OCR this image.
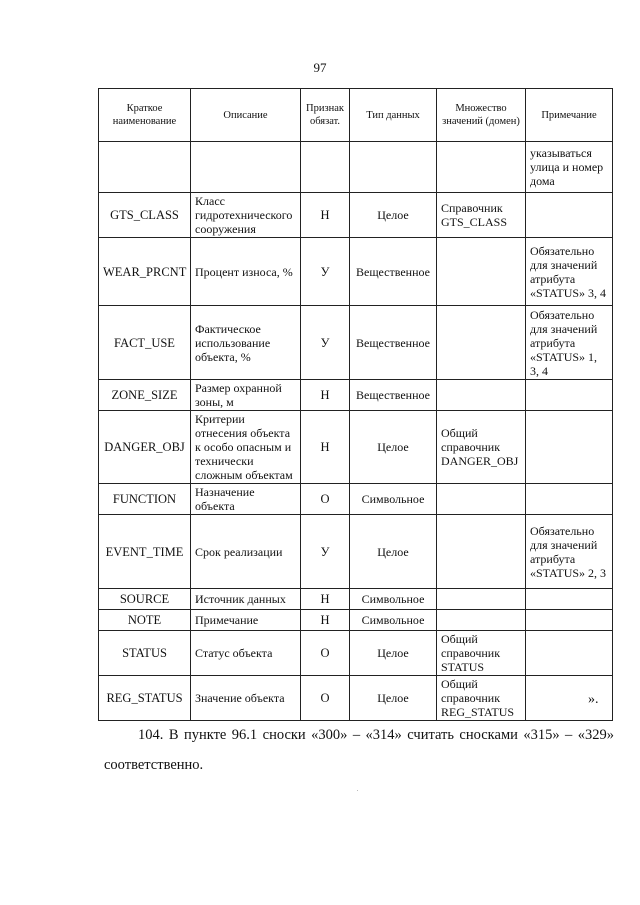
97
Краткое наименование	Описание	Признак обязат.	Тип данных	Множество значений (домен)	Примечание
					указываться улица и номер дома
GTS_CLASS	Класс гидротехнического сооружения	Н	Целое	Справочник GTS_CLASS	
WEAR_PRCNT	Процент износа, %	У	Вещественное		Обязательно для значений атрибута «STATUS» 3, 4
FACT_USE	Фактическое использование объекта, %	У	Вещественное		Обязательно для значений атрибута «STATUS» 1, 3, 4
ZONE_SIZE	Размер охранной зоны, м	Н	Вещественное		
DANGER_OBJ	Критерии отнесения объекта к особо опасным и технически сложным объектам	Н	Целое	Общий справочник DANGER_OBJ	
FUNCTION	Назначение объекта	О	Символьное		
EVENT_TIME	Срок реализации	У	Целое		Обязательно для значений атрибута «STATUS» 2, 3
SOURCE	Источник данных	Н	Символьное		
NOTE	Примечание	Н	Символьное		
STATUS	Статус объекта	О	Целое	Общий справочник STATUS	
REG_STATUS	Значение объекта	О	Целое	Общий справочник REG_STATUS	
».
104. В пункте 96.1 сноски «300» – «314» считать сносками «315» – «329» соответственно.
